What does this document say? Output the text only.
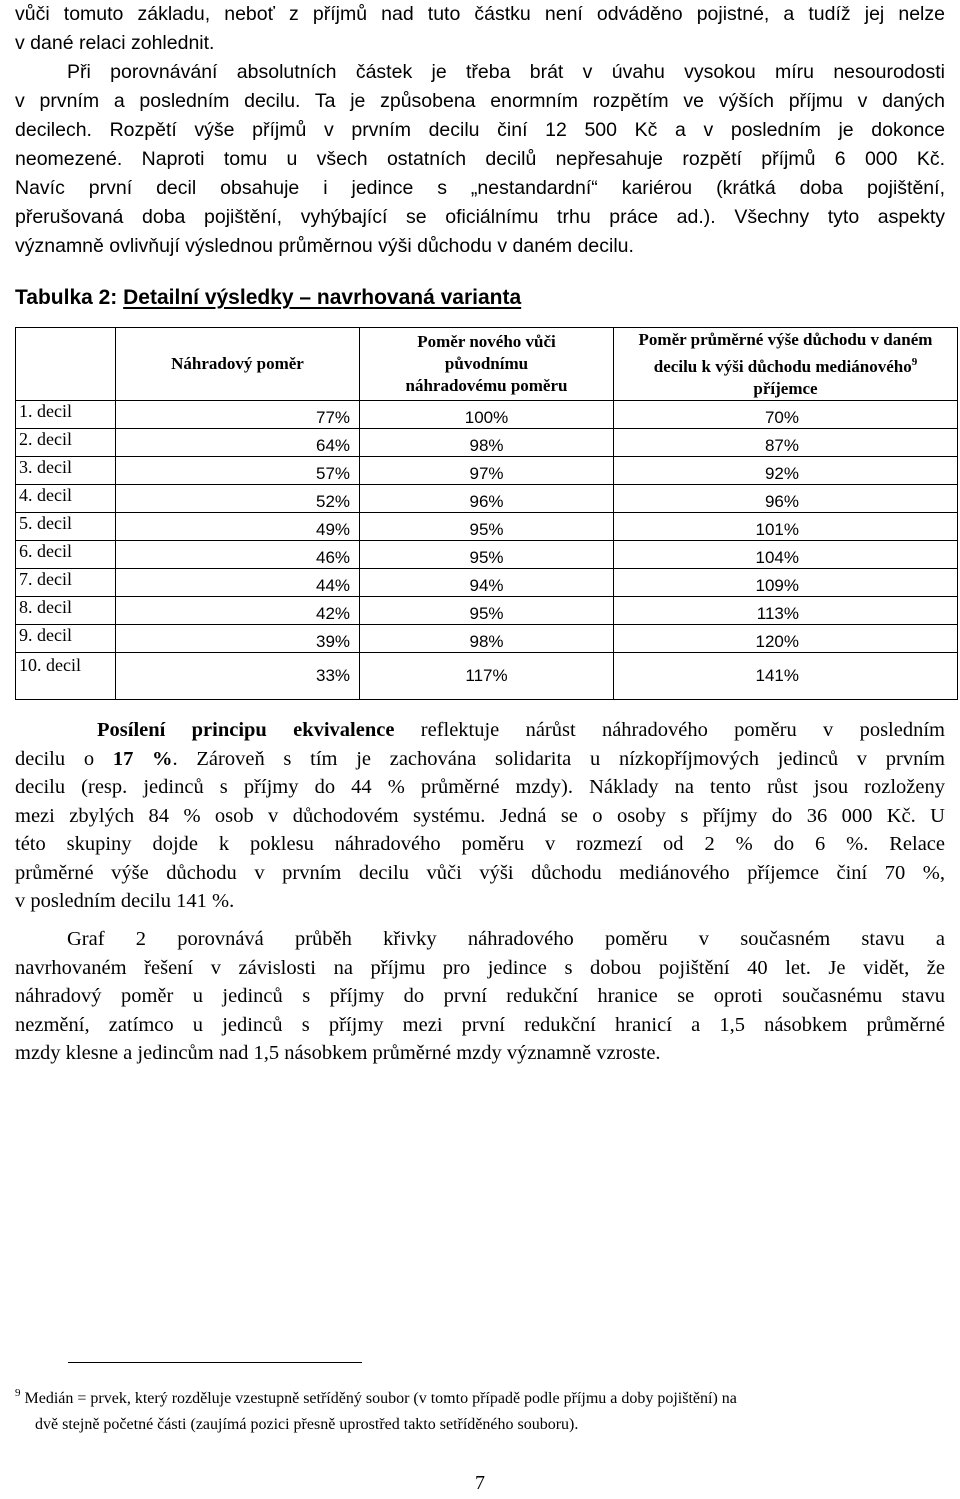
vůči tomuto základu, neboť z příjmů nad tuto částku není odváděno pojistné, a tudíž jej nelze
v dané relaci zohlednit.
Při porovnávání absolutních částek je třeba brát v úvahu vysokou míru nesourodosti
v prvním a posledním decilu. Ta je způsobena enormním rozpětím ve výších příjmu v daných
decilech. Rozpětí výše příjmů v prvním decilu činí 12 500 Kč a v posledním je dokonce
neomezené. Naproti tomu u všech ostatních decilů nepřesahuje rozpětí příjmů 6 000 Kč.
Navíc první decil obsahuje i jedince s „nestandardní“ kariérou (krátká doba pojištění,
přerušovaná doba pojištění, vyhýbající se oficiálnímu trhu práce ad.). Všechny tyto aspekty
významně ovlivňují výslednou průměrnou výši důchodu v daném decilu.
Tabulka 2: Detailní výsledky – navrhovaná varianta
	Náhradový poměr	Poměr nového vůči původnímu náhradovému poměru	Poměr průměrné výše důchodu v daném decilu k výši důchodu mediánového$^9$ příjemce
1. decil	77%	100%	70%
2. decil	64%	98%	87%
3. decil	57%	97%	92%
4. decil	52%	96%	96%
5. decil	49%	95%	101%
6. decil	46%	95%	104%
7. decil	44%	94%	109%
8. decil	42%	95%	113%
9. decil	39%	98%	120%
10. decil	33%	117%	141%
Posílení principu ekvivalence reflektuje nárůst náhradového poměru v posledním
decilu o 17 %. Zároveň s tím je zachována solidarita u nízkopříjmových jedinců v prvním
decilu (resp. jedinců s příjmy do 44 % průměrné mzdy). Náklady na tento růst jsou rozloženy
mezi zbylých 84 % osob v důchodovém systému. Jedná se o osoby s příjmy do 36 000 Kč. U
této skupiny dojde k poklesu náhradového poměru v rozmezí od 2 % do 6 %. Relace
průměrné výše důchodu v prvním decilu vůči výši důchodu mediánového příjemce činí 70 %,
v posledním decilu 141 %.
Graf 2 porovnává průběh křivky náhradového poměru v současném stavu a
navrhovaném řešení v závislosti na příjmu pro jedince s dobou pojištění 40 let. Je vidět, že
náhradový poměr u jedinců s příjmy do první redukční hranice se oproti současnému stavu
nezmění, zatímco u jedinců s příjmy mezi první redukční hranicí a 1,5 násobkem průměrné
mzdy klesne a jedincům nad 1,5 násobkem průměrné mzdy významně vzroste.
$^9$ Medián = prvek, který rozděluje vzestupně setříděný soubor (v tomto případě podle příjmu a doby pojištění) na
dvě stejně početné části (zaujímá pozici přesně uprostřed takto setříděného souboru).
7
